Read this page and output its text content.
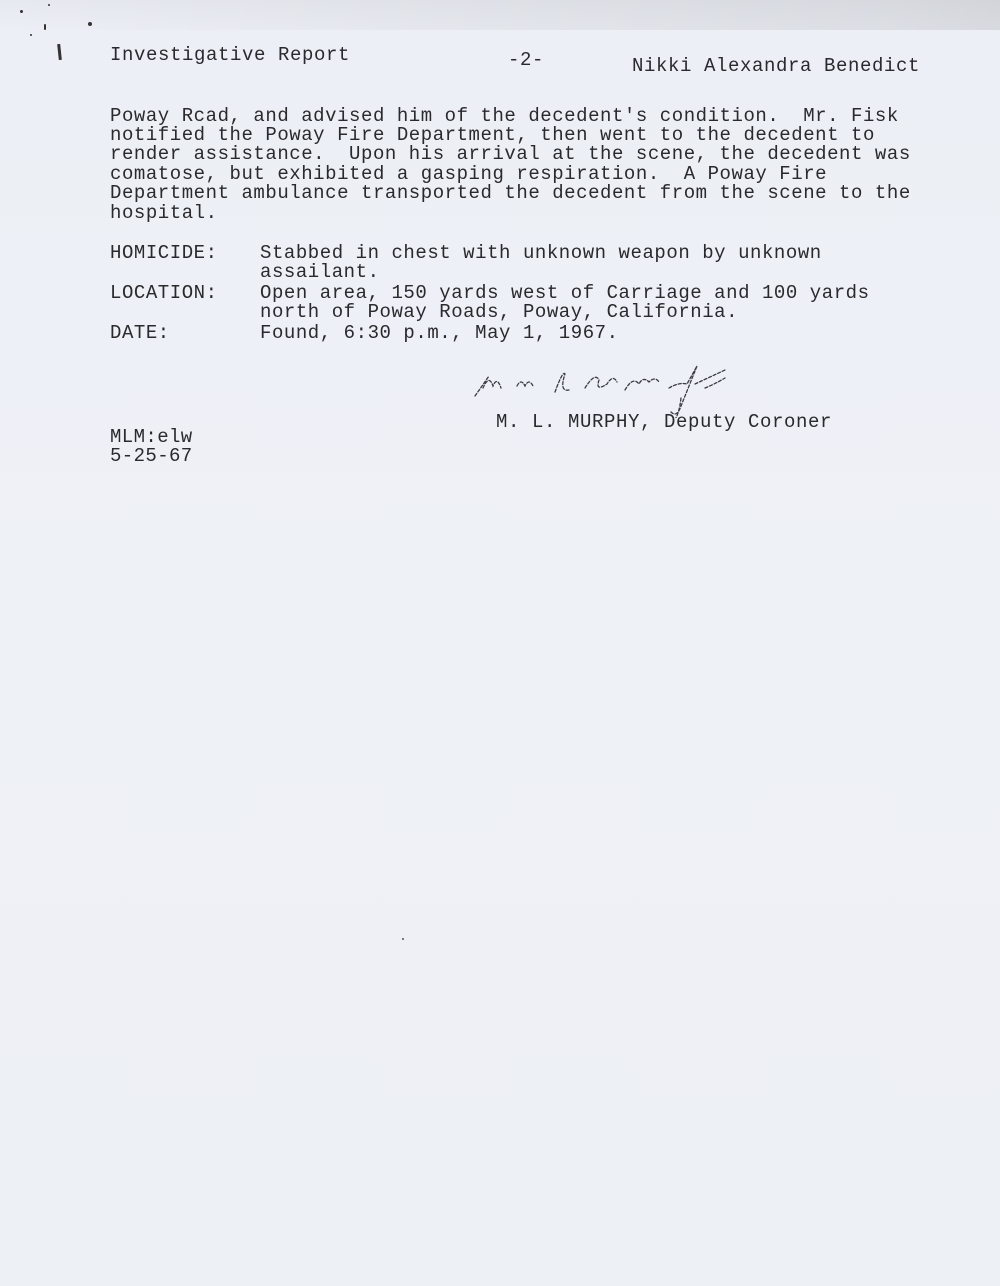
Investigative Report	-2-	Nikki Alexandra Benedict
Poway Rcad, and advised him of the decedent's condition.  Mr. Fisk
notified the Poway Fire Department, then went to the decedent to
render assistance.  Upon his arrival at the scene, the decedent was
comatose, but exhibited a gasping respiration.  A Poway Fire
Department ambulance transported the decedent from the scene to the
hospital.
HOMICIDE: Stabbed in chest with unknown weapon by unknown
assailant.
LOCATION: Open area, 150 yards west of Carriage and 100 yards
north of Poway Roads, Poway, California.
DATE:	Found, 6:30 p.m., May 1, 1967.
M. L. MURPHY, Deputy Coroner
MLM:elw
5-25-67
